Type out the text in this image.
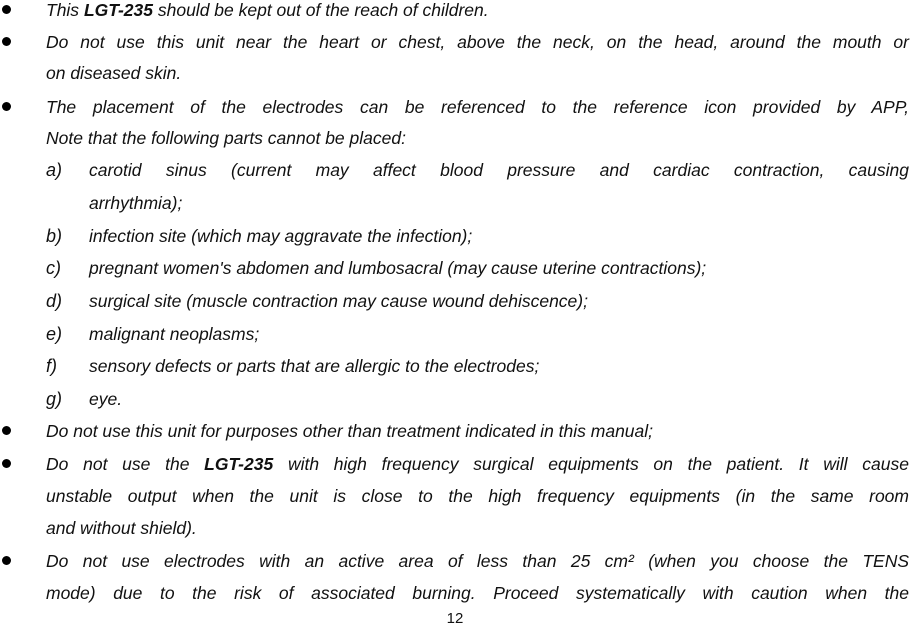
This LGT-235 should be kept out of the reach of children.
Do not use this unit near the heart or chest, above the neck, on the head, around the mouth or
on diseased skin.
The placement of the electrodes can be referenced to the reference icon provided by APP,
Note that the following parts cannot be placed:
a) carotid sinus (current may affect blood pressure and cardiac contraction, causing
arrhythmia);
b) infection site (which may aggravate the infection);
c) pregnant women's abdomen and lumbosacral (may cause uterine contractions);
d) surgical site (muscle contraction may cause wound dehiscence);
e) malignant neoplasms;
f) sensory defects or parts that are allergic to the electrodes;
g) eye.
Do not use this unit for purposes other than treatment indicated in this manual;
Do not use the LGT-235 with high frequency surgical equipments on the patient. It will cause
unstable output when the unit is close to the high frequency equipments (in the same room
and without shield).
Do not use electrodes with an active area of less than 25 cm² (when you choose the TENS
mode) due to the risk of associated burning. Proceed systematically with caution when the
12
